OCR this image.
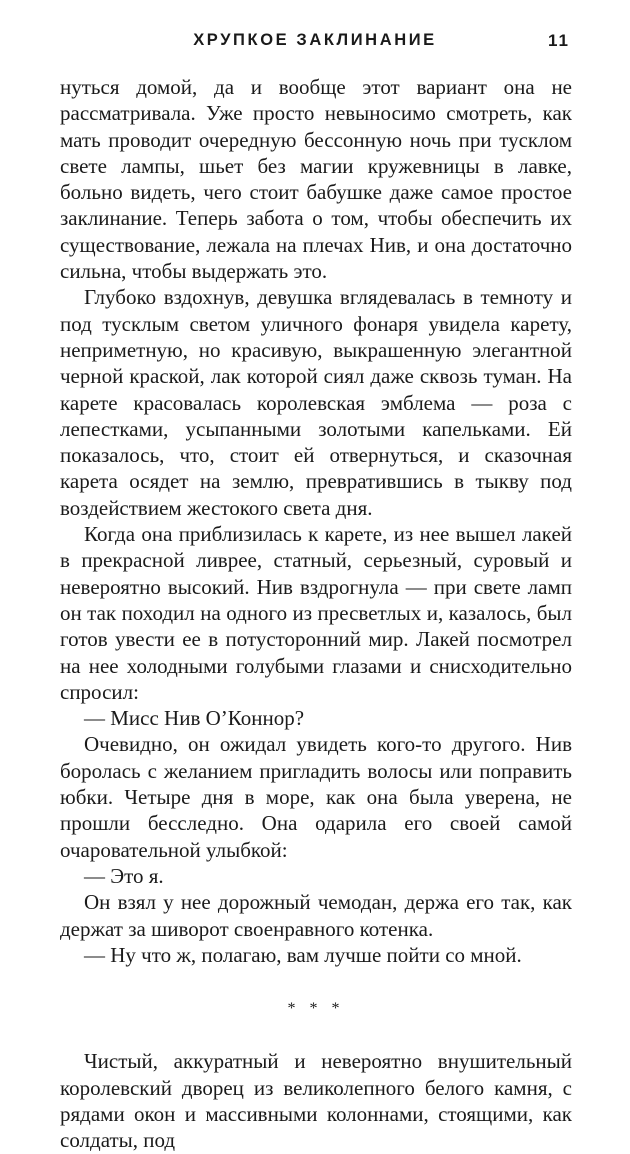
ХРУПКОЕ ЗАКЛИНАНИЕ	11

нуться домой, да и вообще этот вариант она не рассматривала. Уже просто невыносимо смотреть, как мать проводит очередную бессонную ночь при тусклом свете лампы, шьет без магии кружевницы в лавке, больно видеть, чего стоит бабушке даже самое простое заклинание. Теперь забота о том, чтобы обеспечить их существование, лежала на плечах Нив, и она достаточно сильна, чтобы выдержать это.

Глубоко вздохнув, девушка вглядевалась в темноту и под тусклым светом уличного фонаря увидела карету, неприметную, но красивую, выкрашенную элегантной черной краской, лак которой сиял даже сквозь туман. На карете красовалась королевская эмблема — роза с лепестками, усыпанными золотыми капельками. Ей показалось, что, стоит ей отвернуться, и сказочная карета осядет на землю, превратившись в тыкву под воздействием жестокого света дня.

Когда она приблизилась к карете, из нее вышел лакей в прекрасной ливрее, статный, серьезный, суровый и невероятно высокий. Нив вздрогнула — при свете ламп он так походил на одного из пресветлых и, казалось, был готов увести ее в потусторонний мир. Лакей посмотрел на нее холодными голубыми глазами и снисходительно спросил:

— Мисс Нив О’Коннор?

Очевидно, он ожидал увидеть кого-то другого. Нив боролась с желанием пригладить волосы или поправить юбки. Четыре дня в море, как она была уверена, не прошли бесследно. Она одарила его своей самой очаровательной улыбкой:

— Это я.

Он взял у нее дорожный чемодан, держа его так, как держат за шиворот своенравного котенка.

— Ну что ж, полагаю, вам лучше пойти со мной.

* * *

Чистый, аккуратный и невероятно внушительный королевский дворец из великолепного белого камня, с рядами окон и массивными колоннами, стоящими, как солдаты, под
